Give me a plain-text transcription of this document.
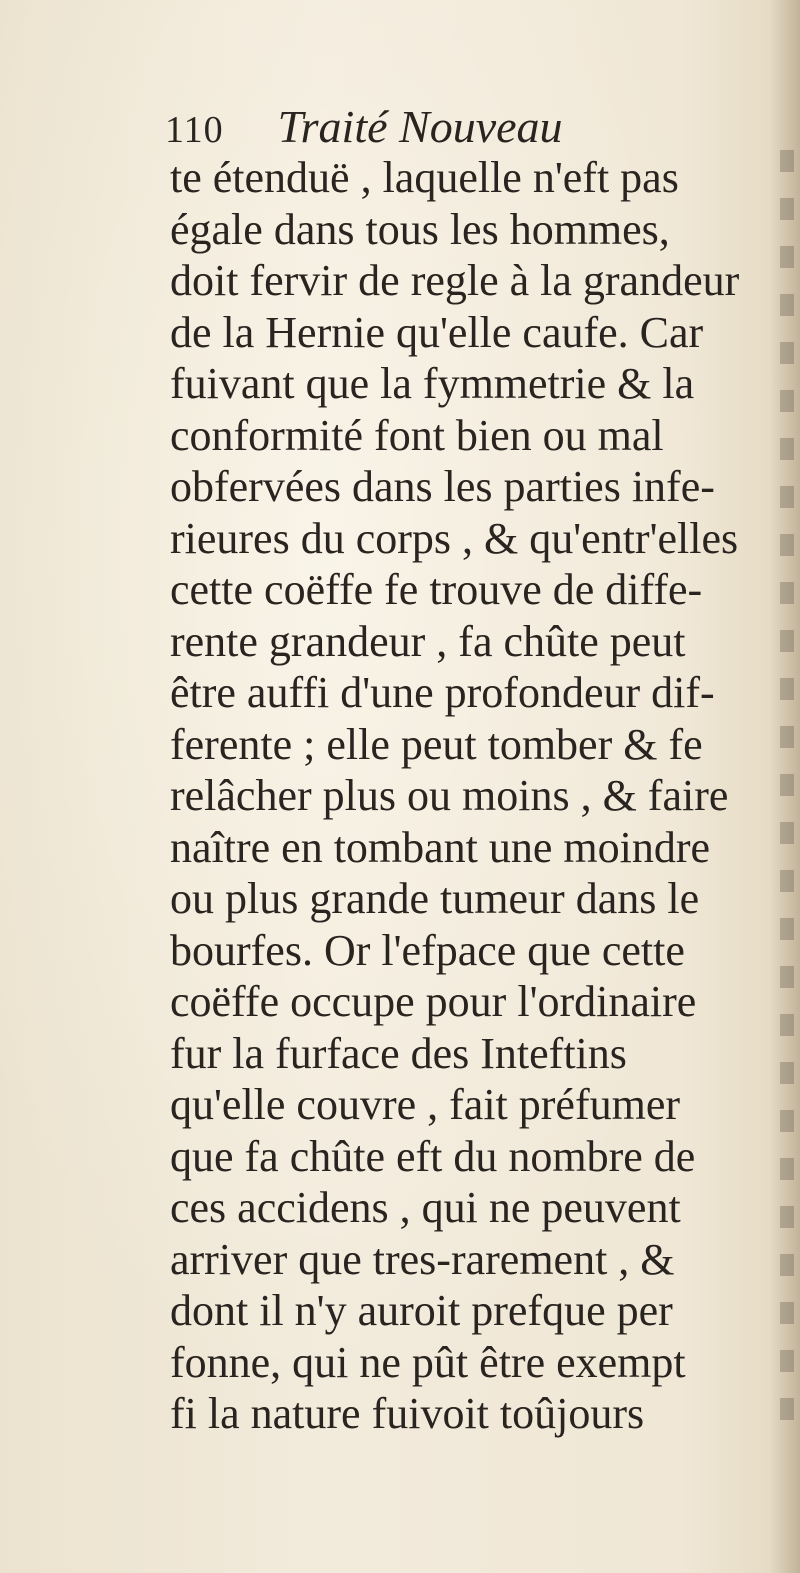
110 Traité Nouveau
te étenduë , laquelle n'eft pas
égale dans tous les hommes,
doit fervir de regle à la grandeur
de la Hernie qu'elle caufe. Car
fuivant que la fymmetrie & la
conformité font bien ou mal
obfervées dans les parties infe-
rieures du corps , & qu'entr'elles
cette coëffe fe trouve de diffe-
rente grandeur , fa chûte peut
être auffi d'une profondeur dif-
ferente ; elle peut tomber & fe
relâcher plus ou moins , & faire
naître en tombant une moindre
ou plus grande tumeur dans le
bourfes. Or l'efpace que cette
coëffe occupe pour l'ordinaire
fur la furface des Inteftins
qu'elle couvre , fait préfumer
que fa chûte eft du nombre de
ces accidens , qui ne peuvent
arriver que tres-rarement , &
dont il n'y auroit prefque per
fonne, qui ne pût être exempt
fi la nature fuivoit toûjours
